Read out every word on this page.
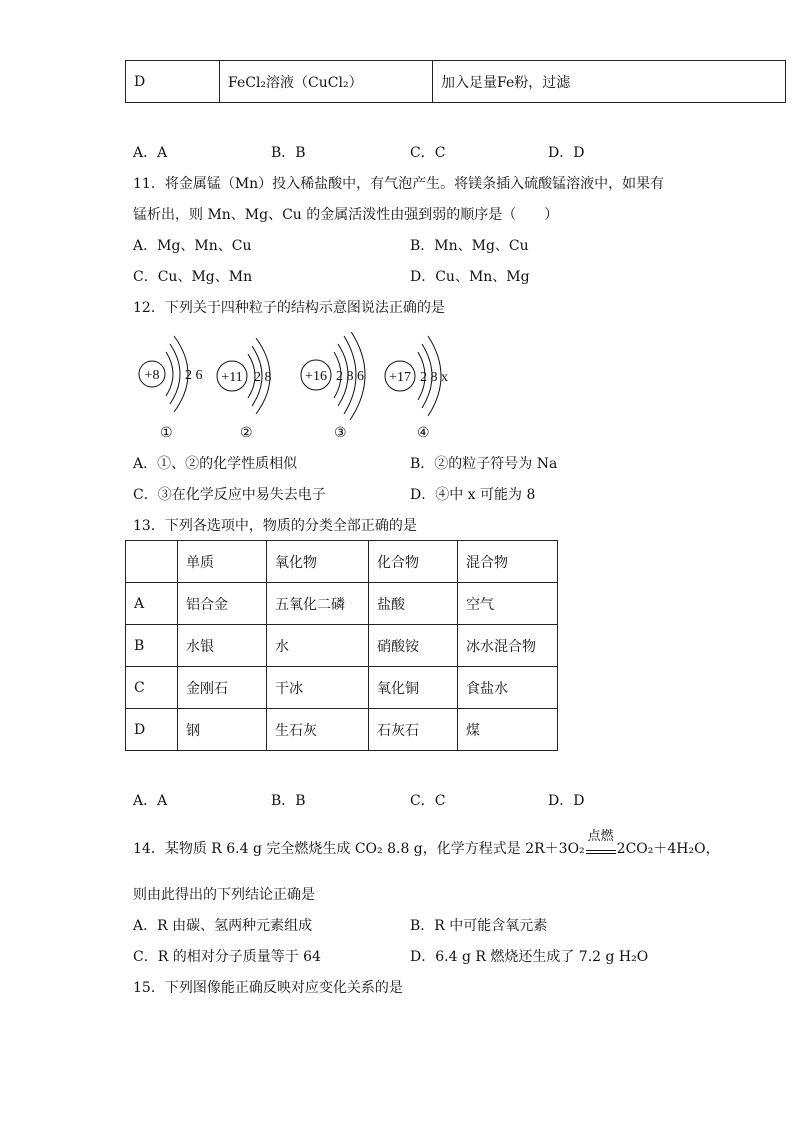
D	FeCl₂溶液（CuCl₂）	加入足量Fe粉，过滤
A．A	B．B	C．C	D．D
11．将金属锰（Mn）投入稀盐酸中，有气泡产生。将镁条插入硫酸锰溶液中，如果有
锰析出，则 Mn、Mg、Cu 的金属活泼性由强到弱的顺序是（　　）
A．Mg、Mn、Cu	B．Mn、Mg、Cu
C．Cu、Mg、Mn	D．Cu、Mn、Mg
12．下列关于四种粒子的结构示意图说法正确的是
+8 2 6
①
+11 2 8
②
+16 2 8 6
③
+17 2 8 x
④
A．①、②的化学性质相似	B．②的粒子符号为 Na
C．③在化学反应中易失去电子	D．④中 x 可能为 8
13．下列各选项中，物质的分类全部正确的是
	单质	氧化物	化合物	混合物
A	铝合金	五氧化二磷	盐酸	空气
B	水银	水	硝酸铵	冰水混合物
C	金刚石	干冰	氧化铜	食盐水
D	钢	生石灰	石灰石	煤
A．A	B．B	C．C	D．D
14．某物质 R 6.4 g 完全燃烧生成 CO₂ 8.8 g，化学方程式是 2R＋3O₂
点燃
2CO₂＋4H₂O，
则由此得出的下列结论正确是
A．R 由碳、氢两种元素组成	B．R 中可能含氧元素
C．R 的相对分子质量等于 64	D．6.4 g R 燃烧还生成了 7.2 g H₂O
15．下列图像能正确反映对应变化关系的是
